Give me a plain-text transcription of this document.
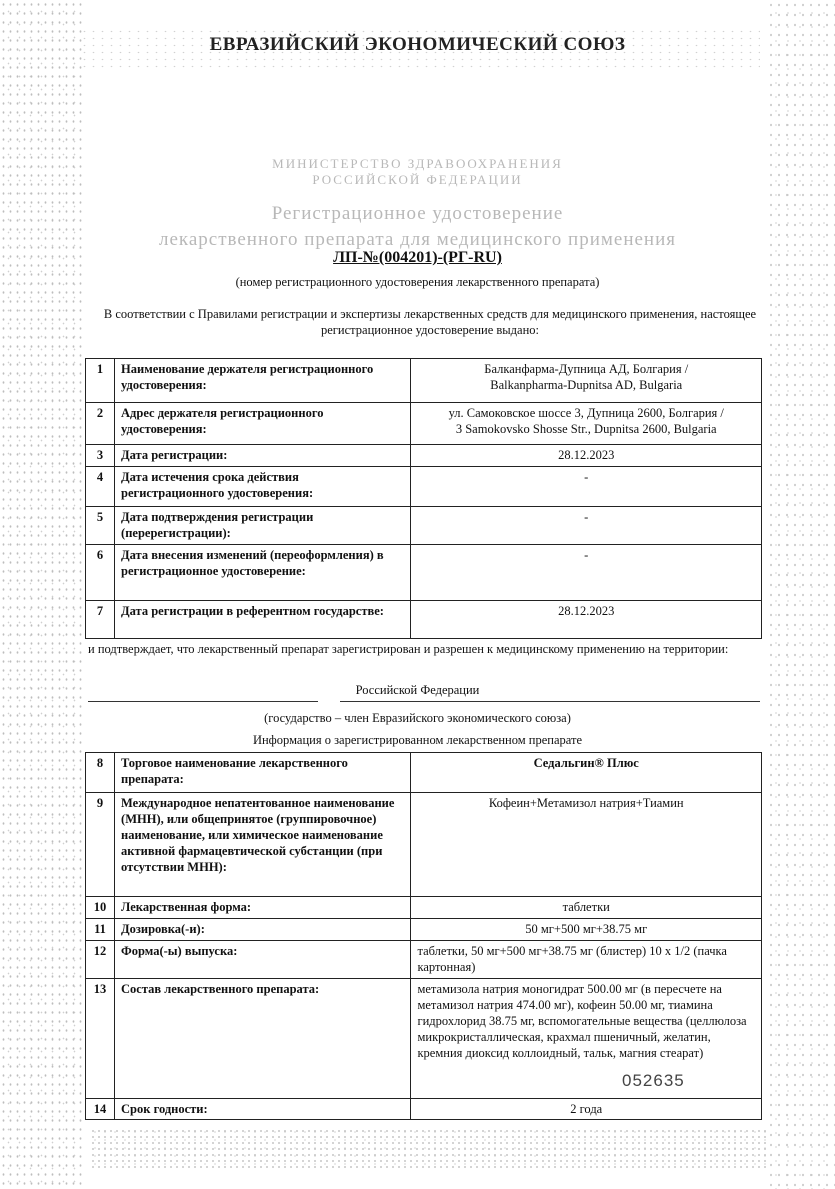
ЕВРАЗИЙСКИЙ ЭКОНОМИЧЕСКИЙ СОЮЗ
МИНИСТЕРСТВО ЗДРАВООХРАНЕНИЯ
РОССИЙСКОЙ ФЕДЕРАЦИИ
Регистрационное удостоверение
лекарственного препарата для медицинского применения
ЛП-№(004201)-(РГ-RU)
(номер регистрационного удостоверения лекарственного препарата)
В соответствии с Правилами регистрации и экспертизы лекарственных средств для медицинского применения, настоящее регистрационное удостоверение выдано:
1	Наименование держателя регистрационного удостоверения:	Балканфарма-Дупница АД, Болгария /
Balkanpharma-Dupnitsa AD, Bulgaria

2	Адрес держателя регистрационного удостоверения:	ул. Самоковское шоссе 3, Дупница 2600, Болгария /
3 Samokovsko Shosse Str., Dupnitsa 2600, Bulgaria

3	Дата регистрации:	28.12.2023
4	Дата истечения срока действия регистрационного удостоверения:	-
5	Дата подтверждения регистрации (перерегистрации):	-
6	Дата внесения изменений (переоформления) в регистрационное удостоверение:	-
7	Дата регистрации в референтном государстве:	28.12.2023
и подтверждает, что лекарственный препарат зарегистрирован и разрешен к медицинскому применению на территории:
Российской Федерации
(государство – член Евразийского экономического союза)
Информация о зарегистрированном лекарственном препарате
8	Торговое наименование лекарственного препарата:	Седальгин® Плюс
9	Международное непатентованное наименование (МНН), или общепринятое (группировочное) наименование, или химическое наименование активной фармацевтической субстанции (при отсутствии МНН):	Кофеин+Метамизол натрия+Тиамин
10	Лекарственная форма:	таблетки
11	Дозировка(-и):	50 мг+500 мг+38.75 мг
12	Форма(-ы) выпуска:	таблетки, 50 мг+500 мг+38.75 мг (блистер) 10 x 1/2 (пачка картонная)
13	Состав лекарственного препарата:	метамизола натрия моногидрат 500.00 мг (в пересчете на метамизол натрия 474.00 мг), кофеин 50.00 мг, тиамина гидрохлорид 38.75 мг, вспомогательные вещества (целлюлоза микрокристаллическая, крахмал пшеничный, желатин, кремния диоксид коллоидный, тальк, магния стеарат)
14	Срок годности:	2 года
052635
